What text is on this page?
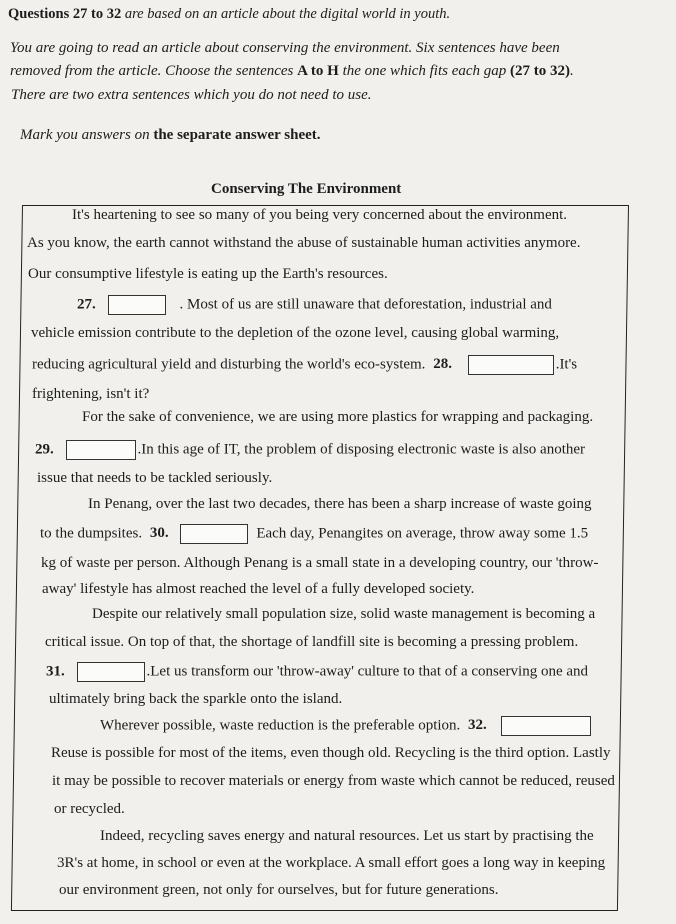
Questions 27 to 32 are based on an article about the digital world in youth.
You are going to read an article about conserving the environment. Six sentences have been
removed from the article. Choose the sentences A to H the one which fits each gap (27 to 32).
There are two extra sentences which you do not need to use.
Mark you answers on the separate answer sheet.
Conserving The Environment
It's heartening to see so many of you being very concerned about the environment.
As you know, the earth cannot withstand the abuse of sustainable human activities anymore.
Our consumptive lifestyle is eating up the Earth's resources.
27.	. Most of us are still unaware that deforestation, industrial and
vehicle emission contribute to the depletion of the ozone level, causing global warming,
reducing agricultural yield and disturbing the world's eco-system. 28.	.It's
frightening, isn't it?
For the sake of convenience, we are using more plastics for wrapping and packaging.
29.	.In this age of IT, the problem of disposing electronic waste is also another
issue that needs to be tackled seriously.
In Penang, over the last two decades, there has been a sharp increase of waste going
to the dumpsites. 30.	Each day, Penangites on average, throw away some 1.5
kg of waste per person. Although Penang is a small state in a developing country, our 'throw-
away' lifestyle has almost reached the level of a fully developed society.
Despite our relatively small population size, solid waste management is becoming a
critical issue. On top of that, the shortage of landfill site is becoming a pressing problem.
31.	.Let us transform our 'throw-away' culture to that of a conserving one and
ultimately bring back the sparkle onto the island.
Wherever possible, waste reduction is the preferable option. 32.
Reuse is possible for most of the items, even though old. Recycling is the third option. Lastly
it may be possible to recover materials or energy from waste which cannot be reduced, reused
or recycled.
Indeed, recycling saves energy and natural resources. Let us start by practising the
3R's at home, in school or even at the workplace. A small effort goes a long way in keeping
our environment green, not only for ourselves, but for future generations.
